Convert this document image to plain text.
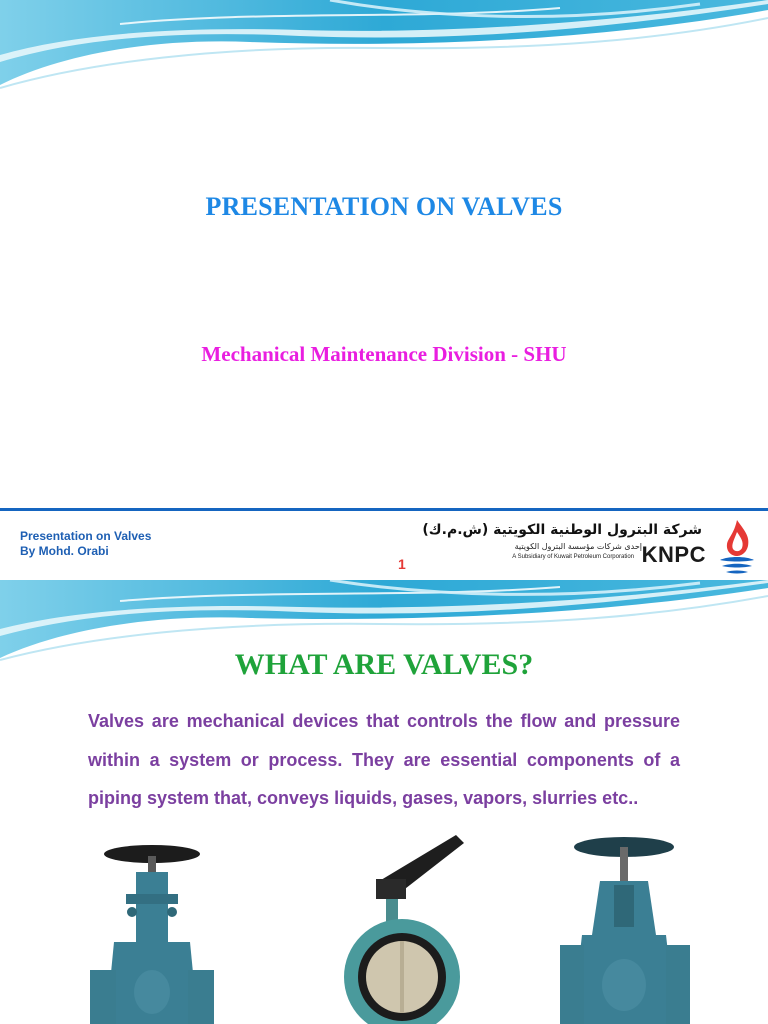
PRESENTATION ON VALVES
Mechanical Maintenance Division - SHU
Presentation on Valves
By Mohd. Orabi
1
شركة البترول الوطنية الكويتية (ش.م.ك)
إحدى شركات مؤسسة البترول الكويتية
A Subsidiary of Kuwait Petroleum Corporation KNPC
WHAT ARE VALVES?
Valves are mechanical devices that controls the flow and pressure within a system or process. They are essential components of a piping system that, conveys liquids, gases, vapors, slurries etc..
